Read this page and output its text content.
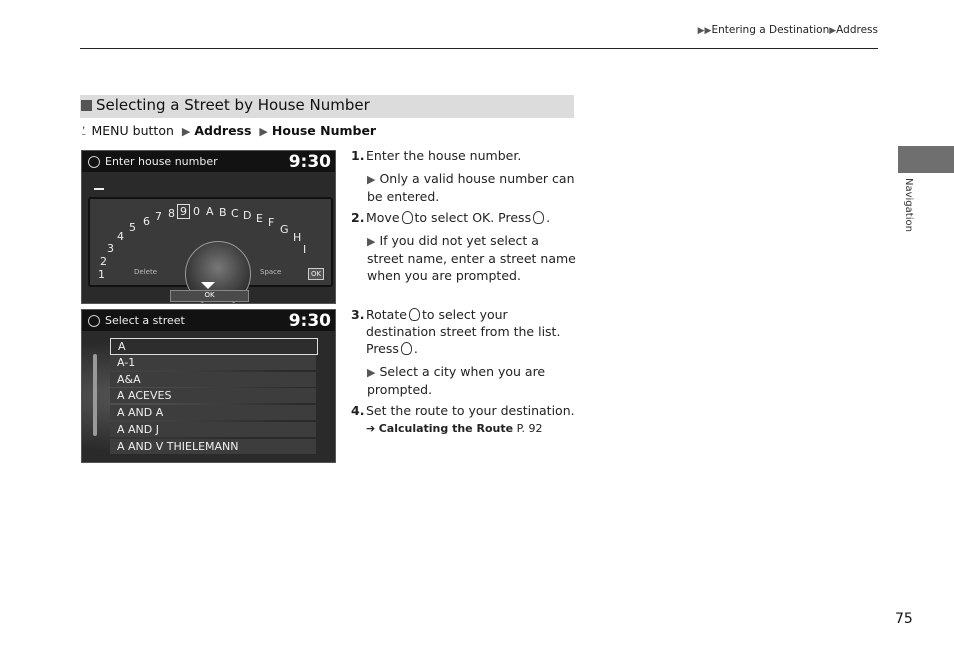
▶▶Entering a Destination▶Address
Selecting a Street by House Number
⍘ MENU button ▶ Address ▶ House Number
Enter house number	9:30
1
2
3
4
5 6 7 8 9 0 A B C D E F
G
H
I
Delete	Space	OK
OK
Select a street	9:30
A
A-1
A&A
A ACEVES
A AND A
A AND J
A AND V THIELEMANN
1. Enter the house number.
▶ Only a valid house number can be entered.
2. Move to select OK. Press .
▶ If you did not yet select a street name, enter a street name when you are prompted.
3. Rotate to select your
destination street from the list.
Press .
▶ Select a city when you are prompted.
4. Set the route to your destination.
➔ Calculating the Route P. 92
Navigation
75
